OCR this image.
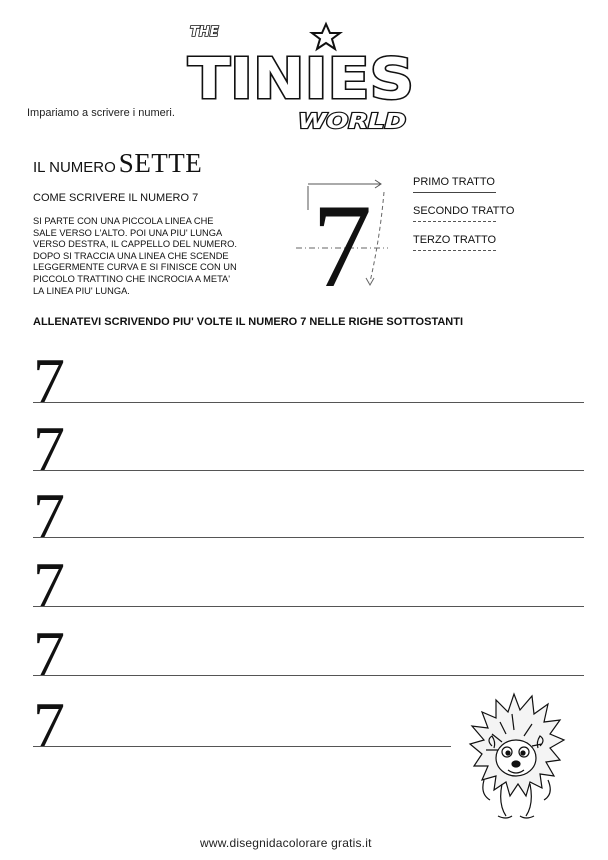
THE
TINIES
WORLD
Impariamo a scrivere i numeri.
IL NUMERO SETTE
COME SCRIVERE IL NUMERO 7
SI PARTE CON UNA PICCOLA LINEA CHE
SALE VERSO L'ALTO. POI UNA PIU' LUNGA
VERSO DESTRA, IL CAPPELLO DEL NUMERO.
DOPO SI TRACCIA UNA LINEA CHE SCENDE
LEGGERMENTE CURVA E SI FINISCE CON UN
PICCOLO TRATTINO CHE INCROCIA A META'
LA LINEA PIU' LUNGA.	7	PRIMO TRATTO
SECONDO TRATTO
TERZO TRATTO
ALLENATEVI SCRIVENDO PIU' VOLTE IL NUMERO 7 NELLE RIGHE SOTTOSTANTI
7
7
7
7
7
7
www.disegnidacolorare gratis.it
